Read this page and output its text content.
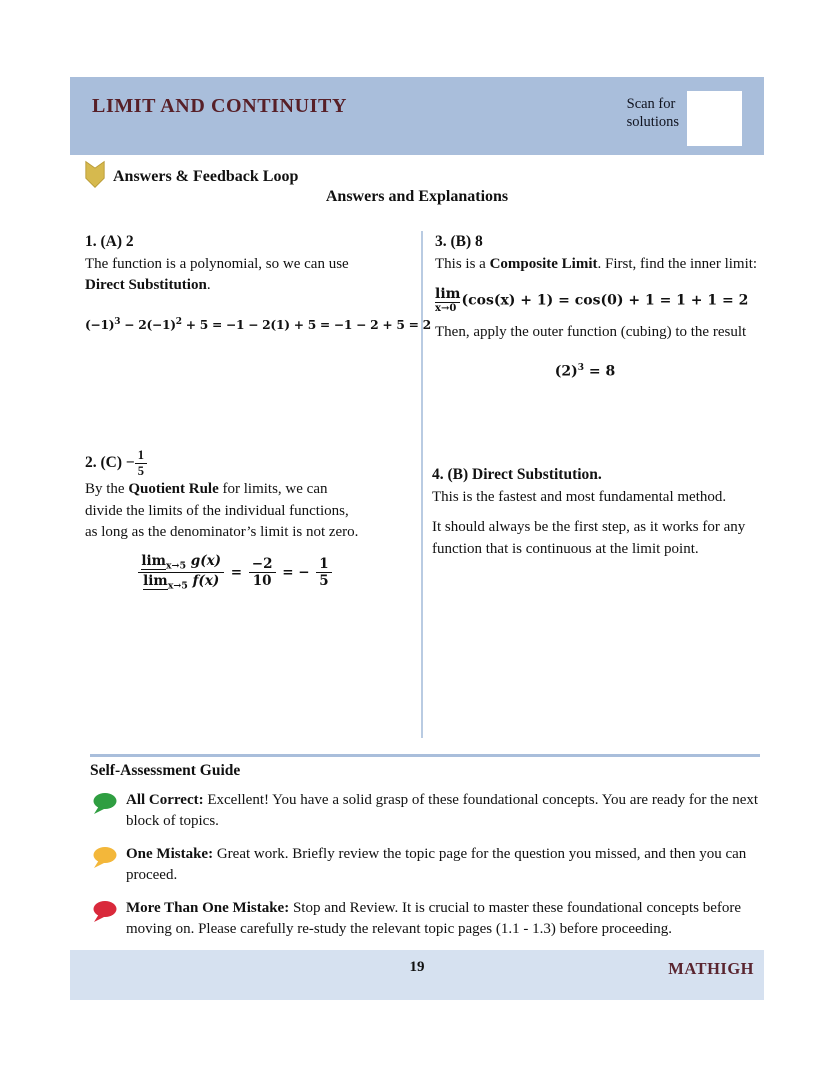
LIMIT AND CONTINUITY	Scan for
solutions
Answers & Feedback Loop
Answers and Explanations
1. (A) 2
The function is a polynomial, so we can use
Direct Substitution.
$(-1)^3 - 2(-1)^2 + 5 = -1 - 2(1) + 5 = -1 - 2 + 5 = 2$
3. (B) 8
This is a Composite Limit. First, find the inner limit:
lim
x→0 (cos(x) + 1) = cos(0) + 1 = 1 + 1 = 2
Then, apply the outer function (cubing) to the result
$(2)^3 = 8$
2. $(C) - \frac{1}{5}$
By the Quotient Rule for limits, we can
divide the limits of the individual functions,
as long as the denominator’s limit is not zero.
$\frac{\lim_{x\to 5} g(x)}{\lim_{x\to 5} f(x)} = \frac{-2}{10}$ = − $\frac{1}{5}$
4. (B) Direct Substitution.
This is the fastest and most fundamental method.
It should always be the first step, as it works for any function that is continuous at the limit point.
Self-Assessment Guide
All Correct: Excellent! You have a solid grasp of these foundational concepts. You are ready for the next block of topics.
One Mistake: Great work. Briefly review the topic page for the question you missed, and then you can proceed.
More Than One Mistake: Stop and Review. It is crucial to master these foundational concepts before moving on. Please carefully re-study the relevant topic pages (1.1 - 1.3) before proceeding.
19	MATHIGH
